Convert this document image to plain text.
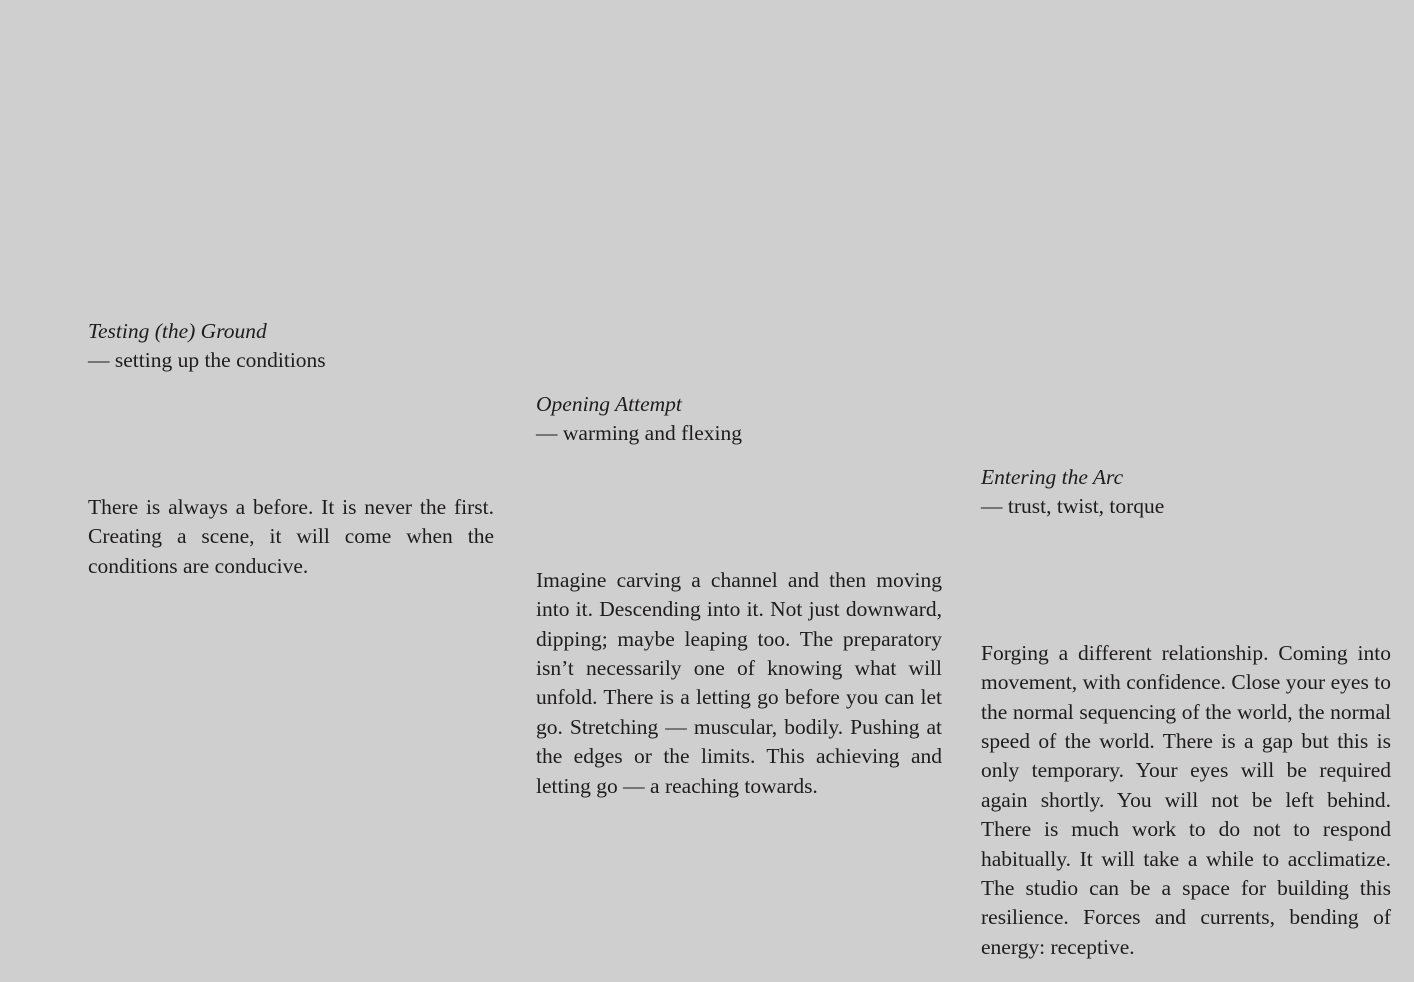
Testing (the) Ground

— setting up the conditions

There is always a before. It is never the first. Creating a scene, it will come when the conditions are conducive.

Opening Attempt

— warming and flexing

Imagine carving a channel and then moving into it. Descending into it. Not just downward, dipping; maybe leaping too. The preparatory isn’t necessarily one of knowing what will unfold. There is a letting go before you can let go. Stretching — muscular, bodily. Pushing at the edges or the limits. This achieving and letting go — a reaching towards.

Entering the Arc

— trust, twist, torque

Forging a different relationship. Coming into movement, with confidence. Close your eyes to the normal sequencing of the world, the normal speed of the world. There is a gap but this is only temporary. Your eyes will be required again shortly. You will not be left behind. There is much work to do not to respond habitually. It will take a while to acclimatize. The studio can be a space for building this resilience. Forces and currents, bending of energy: receptive.
